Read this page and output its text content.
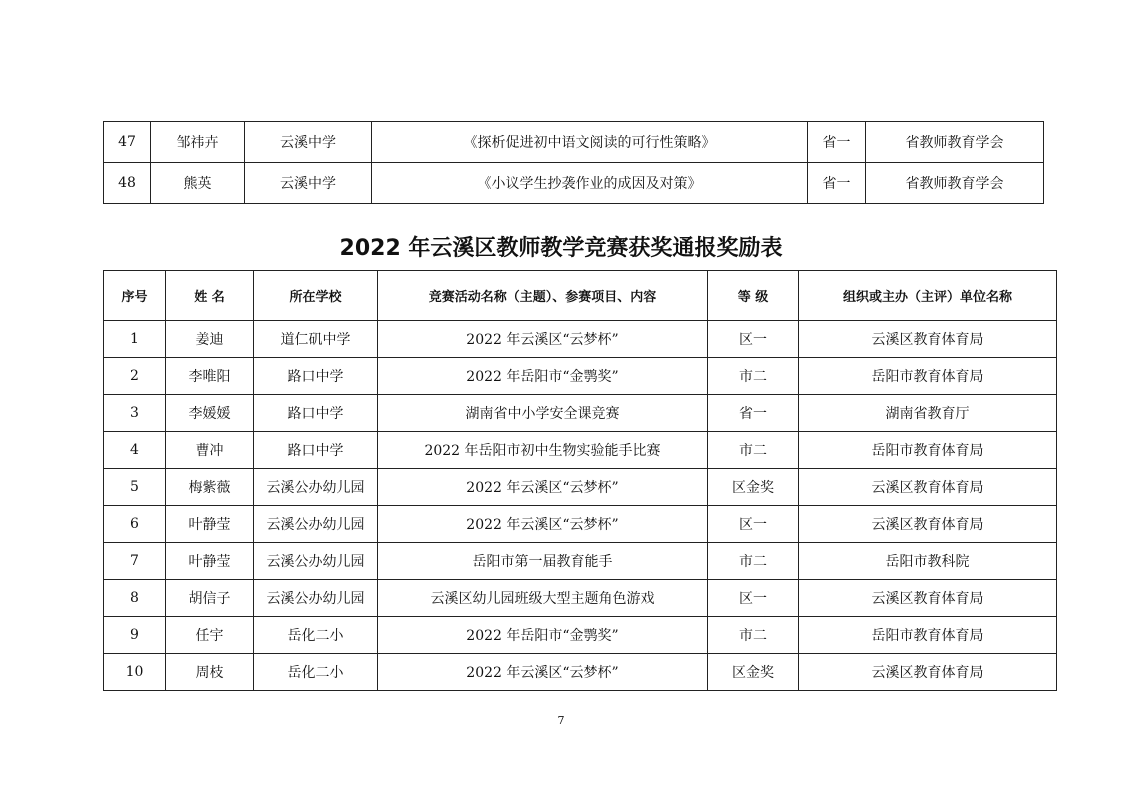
47	邹祎卉	云溪中学	《探析促进初中语文阅读的可行性策略》	省一	省教师教育学会
48	熊英	云溪中学	《小议学生抄袭作业的成因及对策》	省一	省教师教育学会
2022 年云溪区教师教学竞赛获奖通报奖励表
序号	姓 名	所在学校	竞赛活动名称（主题）、参赛项目、内容	等 级	组织或主办（主评）单位名称
1	姜迪	道仁矶中学	2022 年云溪区“云梦杯”	区一	云溪区教育体育局
2	李唯阳	路口中学	2022 年岳阳市“金鹗奖”	市二	岳阳市教育体育局
3	李媛媛	路口中学	湖南省中小学安全课竞赛	省一	湖南省教育厅
4	曹冲	路口中学	2022 年岳阳市初中生物实验能手比赛	市二	岳阳市教育体育局
5	梅紫薇	云溪公办幼儿园	2022 年云溪区“云梦杯”	区金奖	云溪区教育体育局
6	叶静莹	云溪公办幼儿园	2022 年云溪区“云梦杯”	区一	云溪区教育体育局
7	叶静莹	云溪公办幼儿园	岳阳市第一届教育能手	市二	岳阳市教科院
8	胡信子	云溪公办幼儿园	云溪区幼儿园班级大型主题角色游戏	区一	云溪区教育体育局
9	任宇	岳化二小	2022 年岳阳市“金鹗奖”	市二	岳阳市教育体育局
10	周枝	岳化二小	2022 年云溪区“云梦杯”	区金奖	云溪区教育体育局
7
